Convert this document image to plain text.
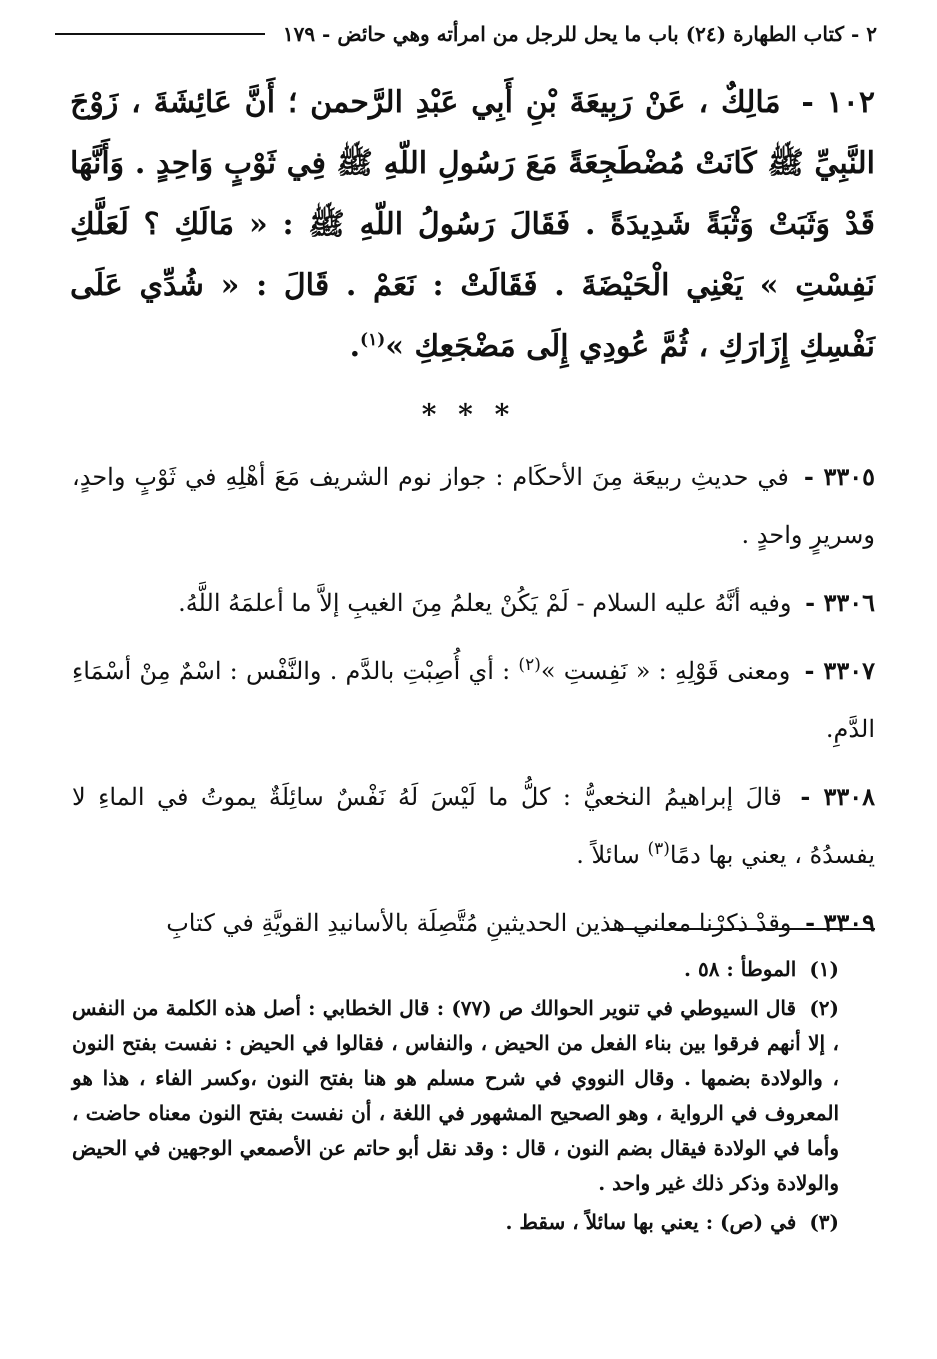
٢ - كتاب الطهارة (٢٤) باب ما يحل للرجل من امرأته وهي حائض - ١٧٩
١٠٢ - مَالِكٌ ، عَنْ رَبِيعَةَ بْنِ أَبِي عَبْدِ الرَّحمن ؛ أَنَّ عَائِشَةَ ، زَوْجَ النَّبِيِّ ﷺ كَانَتْ مُضْطَجِعَةً مَعَ رَسُولِ اللّهِ ﷺ فِي ثَوْبٍ وَاحِدٍ . وَأَنَّهَا قَدْ وَثَبَتْ وَثْبَةً شَدِيدَةً . فَقَالَ رَسُولُ اللّهِ ﷺ : « مَالَكِ ؟ لَعَلَّكِ نَفِسْتِ » يَعْنِي الْحَيْضَةَ . فَقَالَتْ : نَعَمْ . قَالَ : « شُدِّي عَلَى نَفْسِكِ إِزَارَكِ ، ثُمَّ عُودِي إِلَى مَضْجَعِكِ »$^{(١)}$.
* * *

٣٣٠٥ - في حديثِ ربيعَة مِنَ الأحكَام : جواز نوم الشريف مَعَ أهْلِهِ في ثَوْبٍ واحدٍ، وسريرٍ واحدٍ .

٣٣٠٦ - وفيه أنَّهُ عليه السلام - لَمْ يَكُنْ يعلمُ مِنَ الغيبِ إلاَّ ما أعلمَهُ اللَّهُ.

٣٣٠٧ - ومعنى قَوْلِهِ : « نَفِستِ »$^{(٢)}$ : أي أُصِبْتِ بالدَّم . والنَّفْس : اسْمٌ مِنْ أسْمَاءِ الدَّمِ.

٣٣٠٨ - قالَ إبراهيمُ النخعيُّ : كلُّ ما لَيْسَ لَهُ نَفْسٌ سائِلَةٌ يموتُ في الماءِ لا يفسدُهُ ، يعني بها دمًا$^{(٣)}$ سائلاً .

٣٣٠٩ - وقدْ ذكرْنا معاني هذين الحديثينِ مُتَّصِلَة بالأسانيدِ القويَّةِ في كتابِ

(١) الموطأ : ٥٨ .

(٢) قال السيوطي في تنوير الحوالك ص (٧٧) : قال الخطابي : أصل هذه الكلمة من النفس ، إلا أنهم فرقوا بين بناء الفعل من الحيض ، والنفاس ، فقالوا في الحيض : نفست بفتح النون ، والولادة بضمها . وقال النووي في شرح مسلم هو هنا بفتح النون ،وكسر الفاء ، هذا هو المعروف في الرواية ، وهو الصحيح المشهور في اللغة ، أن نفست بفتح النون معناه حاضت ، وأما في الولادة فيقال بضم النون ، قال : وقد نقل أبو حاتم عن الأصمعي الوجهين في الحيض والولادة وذكر ذلك غير واحد .

(٣) في (ص) : يعني بها سائلاً ، سقط .
